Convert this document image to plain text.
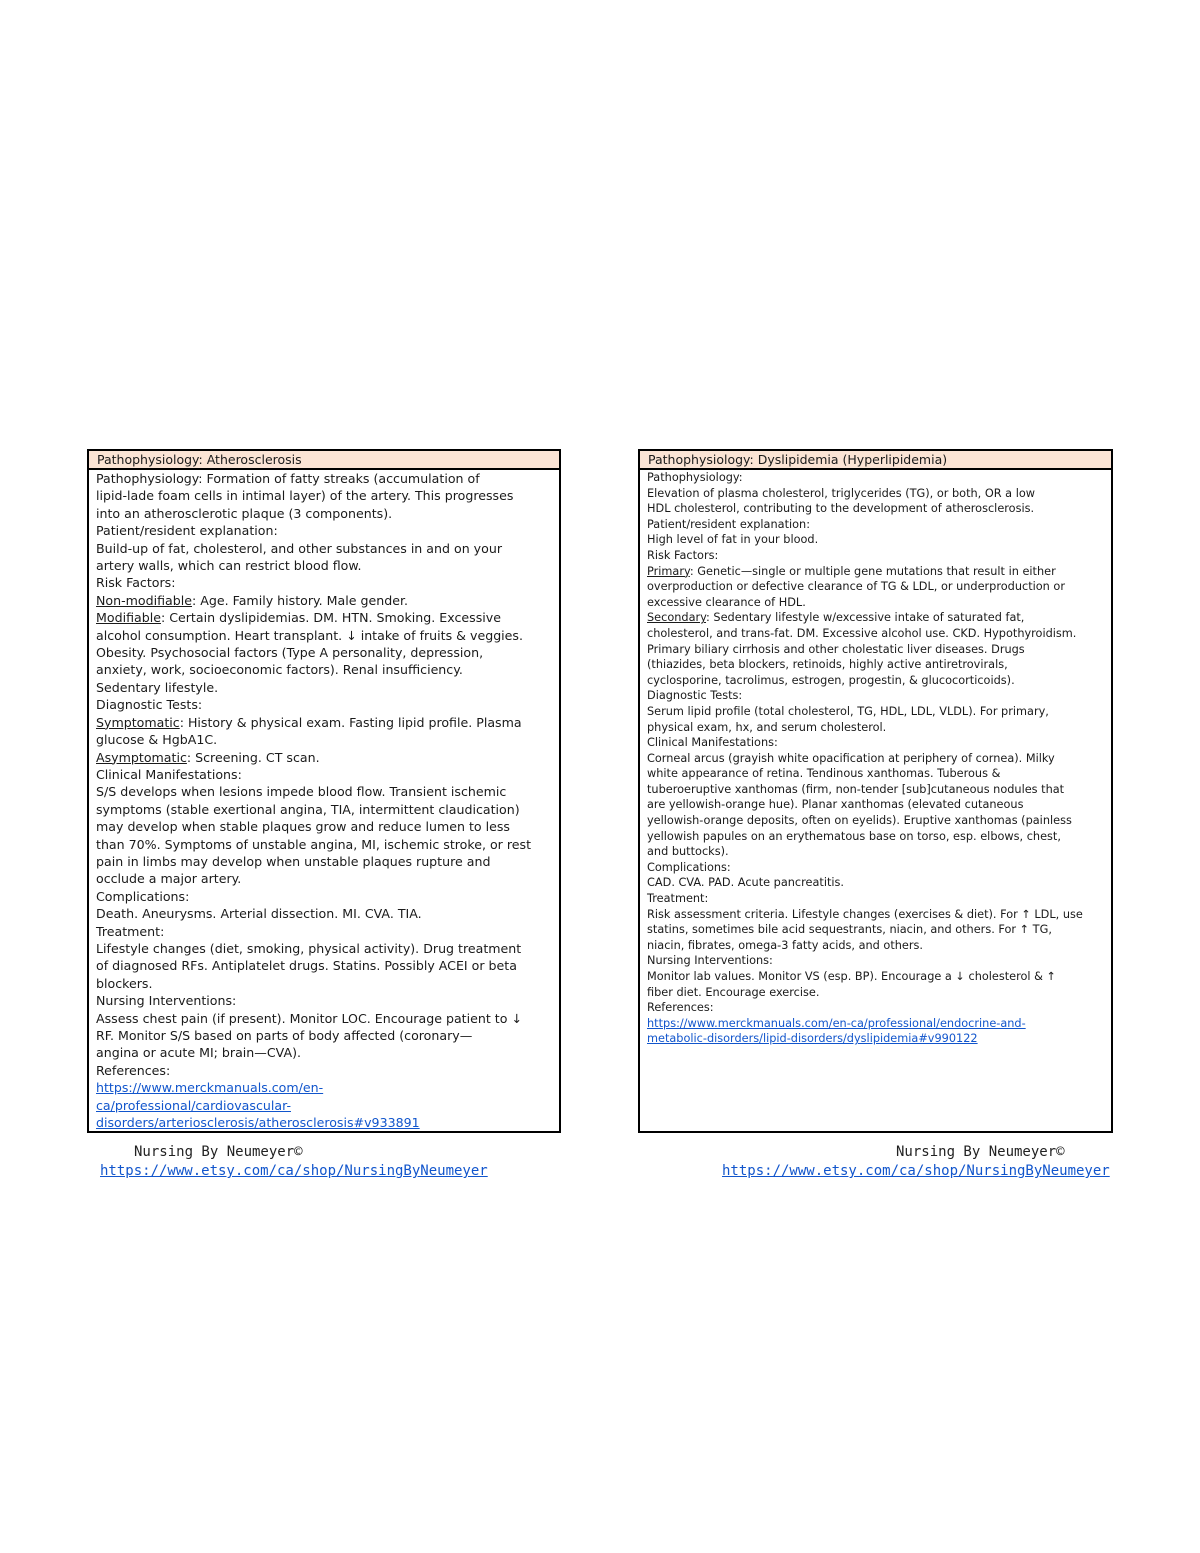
Pathophysiology: Atherosclerosis
Pathophysiology: Formation of fatty streaks (accumulation of
lipid-lade foam cells in intimal layer) of the artery. This progresses
into an atherosclerotic plaque (3 components).
Patient/resident explanation:
Build-up of fat, cholesterol, and other substances in and on your
artery walls, which can restrict blood flow.
Risk Factors:
Non-modifiable: Age. Family history. Male gender.
Modifiable: Certain dyslipidemias. DM. HTN. Smoking. Excessive
alcohol consumption. Heart transplant. ↓ intake of fruits & veggies.
Obesity. Psychosocial factors (Type A personality, depression,
anxiety, work, socioeconomic factors). Renal insufficiency.
Sedentary lifestyle.
Diagnostic Tests:
Symptomatic: History & physical exam. Fasting lipid profile. Plasma
glucose & HgbA1C.
Asymptomatic: Screening. CT scan.
Clinical Manifestations:
S/S develops when lesions impede blood flow. Transient ischemic
symptoms (stable exertional angina, TIA, intermittent claudication)
may develop when stable plaques grow and reduce lumen to less
than 70%. Symptoms of unstable angina, MI, ischemic stroke, or rest
pain in limbs may develop when unstable plaques rupture and
occlude a major artery.
Complications:
Death. Aneurysms. Arterial dissection. MI. CVA. TIA.
Treatment:
Lifestyle changes (diet, smoking, physical activity). Drug treatment
of diagnosed RFs. Antiplatelet drugs. Statins. Possibly ACEI or beta
blockers.
Nursing Interventions:
Assess chest pain (if present). Monitor LOC. Encourage patient to ↓
RF. Monitor S/S based on parts of body affected (coronary—
angina or acute MI; brain—CVA).
References:
https://www.merckmanuals.com/en-
ca/professional/cardiovascular-
disorders/arteriosclerosis/atherosclerosis#v933891
Pathophysiology: Dyslipidemia (Hyperlipidemia)
Pathophysiology:
Elevation of plasma cholesterol, triglycerides (TG), or both, OR a low
HDL cholesterol, contributing to the development of atherosclerosis.
Patient/resident explanation:
High level of fat in your blood.
Risk Factors:
Primary: Genetic—single or multiple gene mutations that result in either
overproduction or defective clearance of TG & LDL, or underproduction or
excessive clearance of HDL.
Secondary: Sedentary lifestyle w/excessive intake of saturated fat,
cholesterol, and trans-fat. DM. Excessive alcohol use. CKD. Hypothyroidism.
Primary biliary cirrhosis and other cholestatic liver diseases. Drugs
(thiazides, beta blockers, retinoids, highly active antiretrovirals,
cyclosporine, tacrolimus, estrogen, progestin, & glucocorticoids).
Diagnostic Tests:
Serum lipid profile (total cholesterol, TG, HDL, LDL, VLDL). For primary,
physical exam, hx, and serum cholesterol.
Clinical Manifestations:
Corneal arcus (grayish white opacification at periphery of cornea). Milky
white appearance of retina. Tendinous xanthomas. Tuberous &
tuberoeruptive xanthomas (firm, non-tender [sub]cutaneous nodules that
are yellowish-orange hue). Planar xanthomas (elevated cutaneous
yellowish-orange deposits, often on eyelids). Eruptive xanthomas (painless
yellowish papules on an erythematous base on torso, esp. elbows, chest,
and buttocks).
Complications:
CAD. CVA. PAD. Acute pancreatitis.
Treatment:
Risk assessment criteria. Lifestyle changes (exercises & diet). For ↑ LDL, use
statins, sometimes bile acid sequestrants, niacin, and others. For ↑ TG,
niacin, fibrates, omega-3 fatty acids, and others.
Nursing Interventions:
Monitor lab values. Monitor VS (esp. BP). Encourage a ↓ cholesterol & ↑
fiber diet. Encourage exercise.
References:
https://www.merckmanuals.com/en-ca/professional/endocrine-and-
metabolic-disorders/lipid-disorders/dyslipidemia#v990122
Nursing By Neumeyer©
https://www.etsy.com/ca/shop/NursingByNeumeyer
Nursing By Neumeyer©
https://www.etsy.com/ca/shop/NursingByNeumeyer
